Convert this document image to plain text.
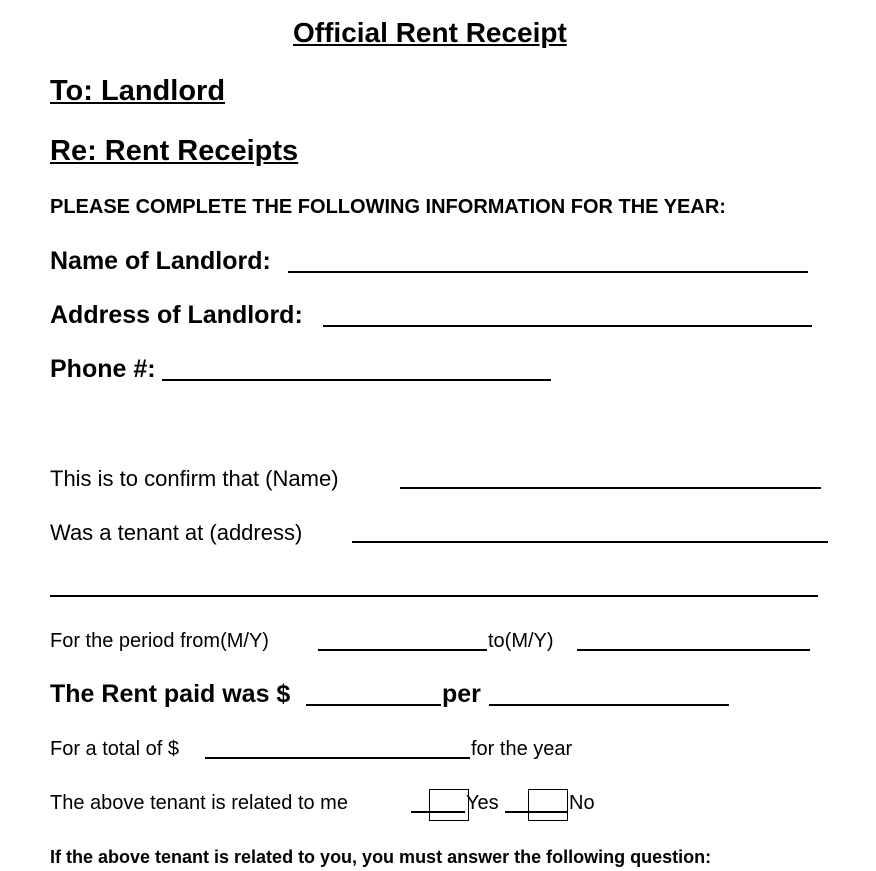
Official Rent Receipt
To: Landlord
Re: Rent Receipts
PLEASE COMPLETE THE FOLLOWING INFORMATION FOR THE YEAR:
Name of Landlord:
Address of Landlord:
Phone #:
This is to confirm that (Name)
Was a tenant at (address)
For the period from(M/Y)	to(M/Y)
The Rent paid was $	per
For a total of $	for the year
The above tenant is related to me	Yes	No
If the above tenant is related to you, you must answer the following question:
